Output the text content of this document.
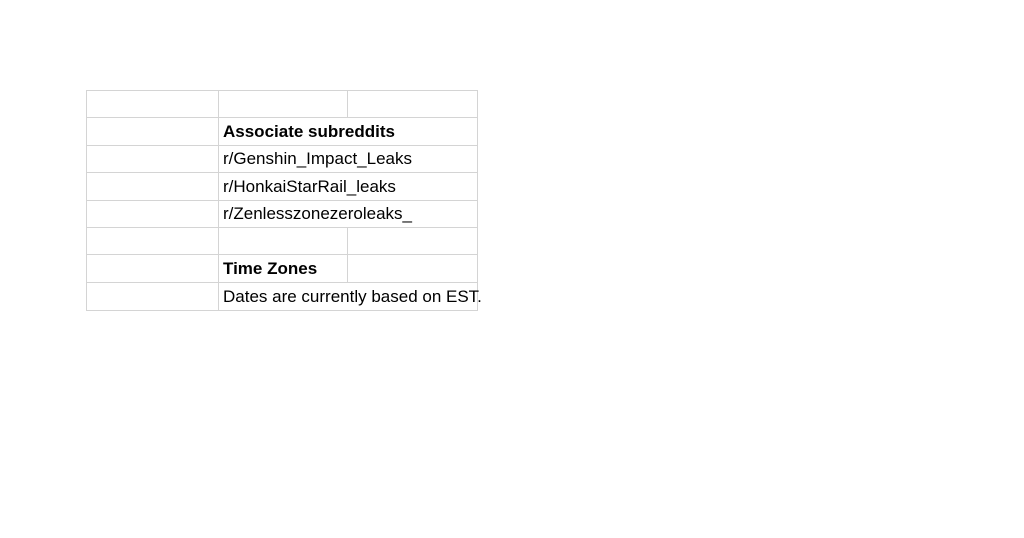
Associate subreddits
r/Genshin_Impact_Leaks
r/HonkaiStarRail_leaks
r/Zenlesszonezeroleaks_
Time Zones
Dates are currently based on EST.
